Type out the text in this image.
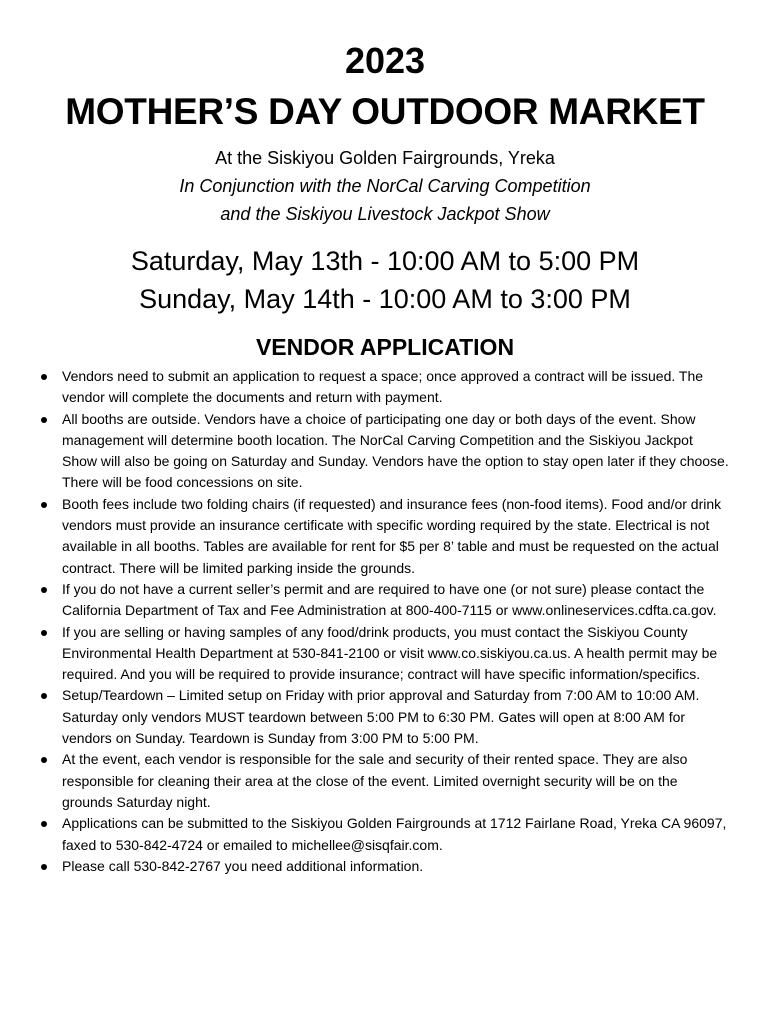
2023
MOTHER’S DAY OUTDOOR MARKET

At the Siskiyou Golden Fairgrounds, Yreka

In Conjunction with the NorCal Carving Competition

and the Siskiyou Livestock Jackpot Show

Saturday, May 13th - 10:00 AM to 5:00 PM

Sunday, May 14th - 10:00 AM to 3:00 PM

VENDOR APPLICATION
Vendors need to submit an application to request a space; once approved a contract will be issued. The vendor will complete the documents and return with payment.
All booths are outside. Vendors have a choice of participating one day or both days of the event. Show management will determine booth location. The NorCal Carving Competition and the Siskiyou Jackpot Show will also be going on Saturday and Sunday. Vendors have the option to stay open later if they choose. There will be food concessions on site.
Booth fees include two folding chairs (if requested) and insurance fees (non-food items). Food and/or drink vendors must provide an insurance certificate with specific wording required by the state. Electrical is not available in all booths. Tables are available for rent for $5 per 8’ table and must be requested on the actual contract. There will be limited parking inside the grounds.
If you do not have a current seller’s permit and are required to have one (or not sure) please contact the California Department of Tax and Fee Administration at 800-400-7115 or www.onlineservices.cdfta.ca.gov.
If you are selling or having samples of any food/drink products, you must contact the Siskiyou County Environmental Health Department at 530-841-2100 or visit www.co.siskiyou.ca.us. A health permit may be required. And you will be required to provide insurance; contract will have specific information/specifics.
Setup/Teardown – Limited setup on Friday with prior approval and Saturday from 7:00 AM to 10:00 AM. Saturday only vendors MUST teardown between 5:00 PM to 6:30 PM. Gates will open at 8:00 AM for vendors on Sunday. Teardown is Sunday from 3:00 PM to 5:00 PM.
At the event, each vendor is responsible for the sale and security of their rented space. They are also responsible for cleaning their area at the close of the event. Limited overnight security will be on the grounds Saturday night.
Applications can be submitted to the Siskiyou Golden Fairgrounds at 1712 Fairlane Road, Yreka CA 96097, faxed to 530-842-4724 or emailed to michellee@sisqfair.com.
Please call 530-842-2767 you need additional information.
